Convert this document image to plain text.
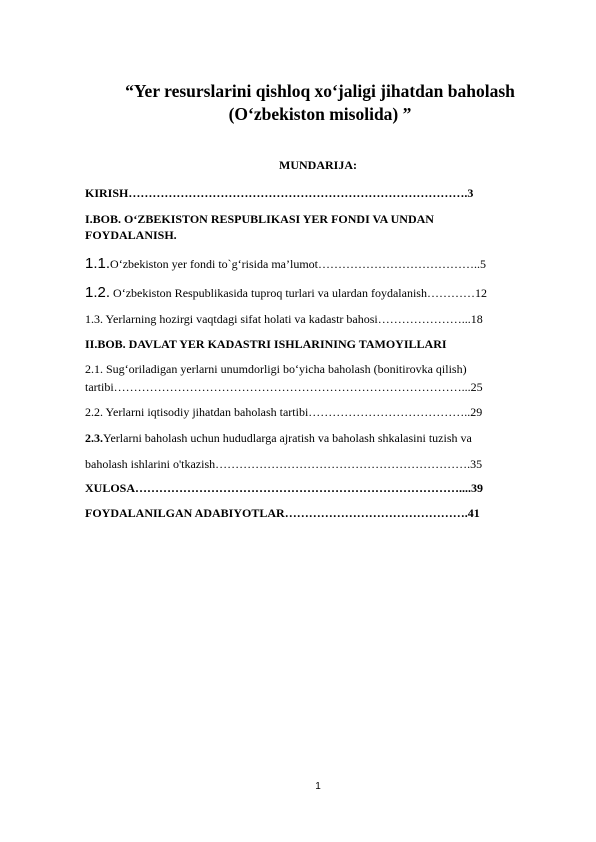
“Yer resurslarini qishloq xo‘jaligi jihatdan baholash
(O‘zbekiston misolida) ”
MUNDARIJA:
KIRISH………………………………………………………………………….3
I.BOB. O‘ZBEKISTON RESPUBLIKASI YER FONDI VA UNDAN
FOYDALANISH.
1.1.O‘zbekiston yer fondi to`g‘risida ma’lumot…………………………………..5
1.2. O‘zbekiston Respublikasida tuproq turlari va ulardan foydalanish…………12
1.3. Yerlarning hozirgi vaqtdagi sifat holati va kadastr bahosi…………………...18
II.BOB. DAVLAT YER KADASTRI ISHLARINING TAMOYILLARI
2.1. Sug‘oriladigan yerlarni unumdorligi bo‘yicha baholash (bonitirovka qilish)
tartibi……………………………………………………………………………...25
2.2. Yerlarni iqtisodiy jihatdan baholash tartibi…………………………………..29
2.3.Yerlarni baholash uchun hududlarga ajratish va baholash shkalasini tuzish va
baholash ishlarini o'tkazish……………………………………………………….35
XULOSA………………………………………………………………………....39
FOYDALANILGAN ADABIYOTLAR……………………………………….41
1
